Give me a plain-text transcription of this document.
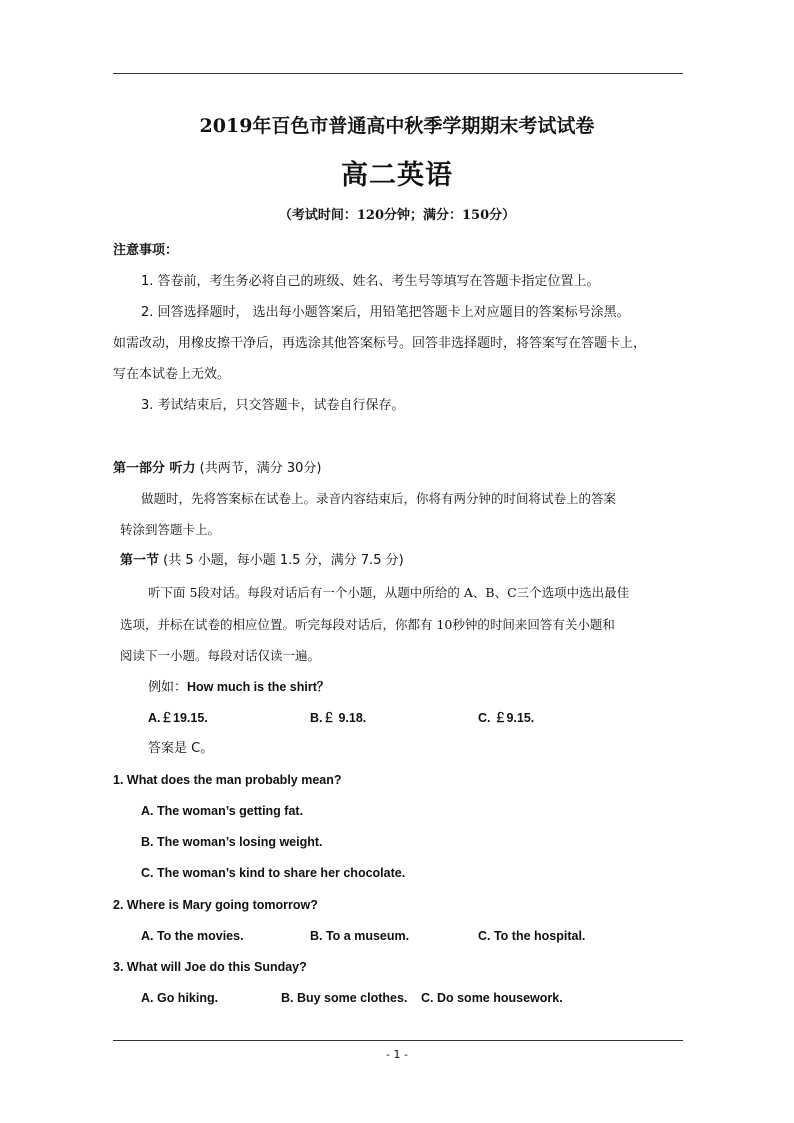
2019年百色市普通高中秋季学期期末考试试卷
高二英语
（考试时间：120分钟；满分：150分）
注意事项：
1. 答卷前，考生务必将自己的班级、姓名、考生号等填写在答题卡指定位置上。
2. 回答选择题时， 选出每小题答案后，用铅笔把答题卡上对应题目的答案标号涂黑。
如需改动，用橡皮擦干净后，再选涂其他答案标号。回答非选择题时，将答案写在答题卡上，
写在本试卷上无效。
3. 考试结束后，只交答题卡，试卷自行保存。
第一部分 听力 (共两节，满分 30分)
做题时，先将答案标在试卷上。录音内容结束后，你将有两分钟的时间将试卷上的答案
转涂到答题卡上。
第一节 (共 5 小题，每小题 1.5 分，满分 7.5 分)
听下面 5段对话。每段对话后有一个小题，从题中所给的 A、B、C三个选项中选出最佳
选项，并标在试卷的相应位置。听完每段对话后，你都有 10秒钟的时间来回答有关小题和
阅读下一小题。每段对话仅读一遍。
例如：How much is the shirt？
A.￡19.15.	B.￡ 9.18.	C. ￡9.15.
答案是 C。
1. What does the man probably mean?
A. The woman’s getting fat.
B. The woman’s losing weight.
C. The woman’s kind to share her chocolate.
2. Where is Mary going tomorrow?
A. To the movies.	B. To a museum.	C. To the hospital.
3. What will Joe do this Sunday?
A. Go hiking.	B. Buy some clothes. C. Do some housework.
- 1 -
